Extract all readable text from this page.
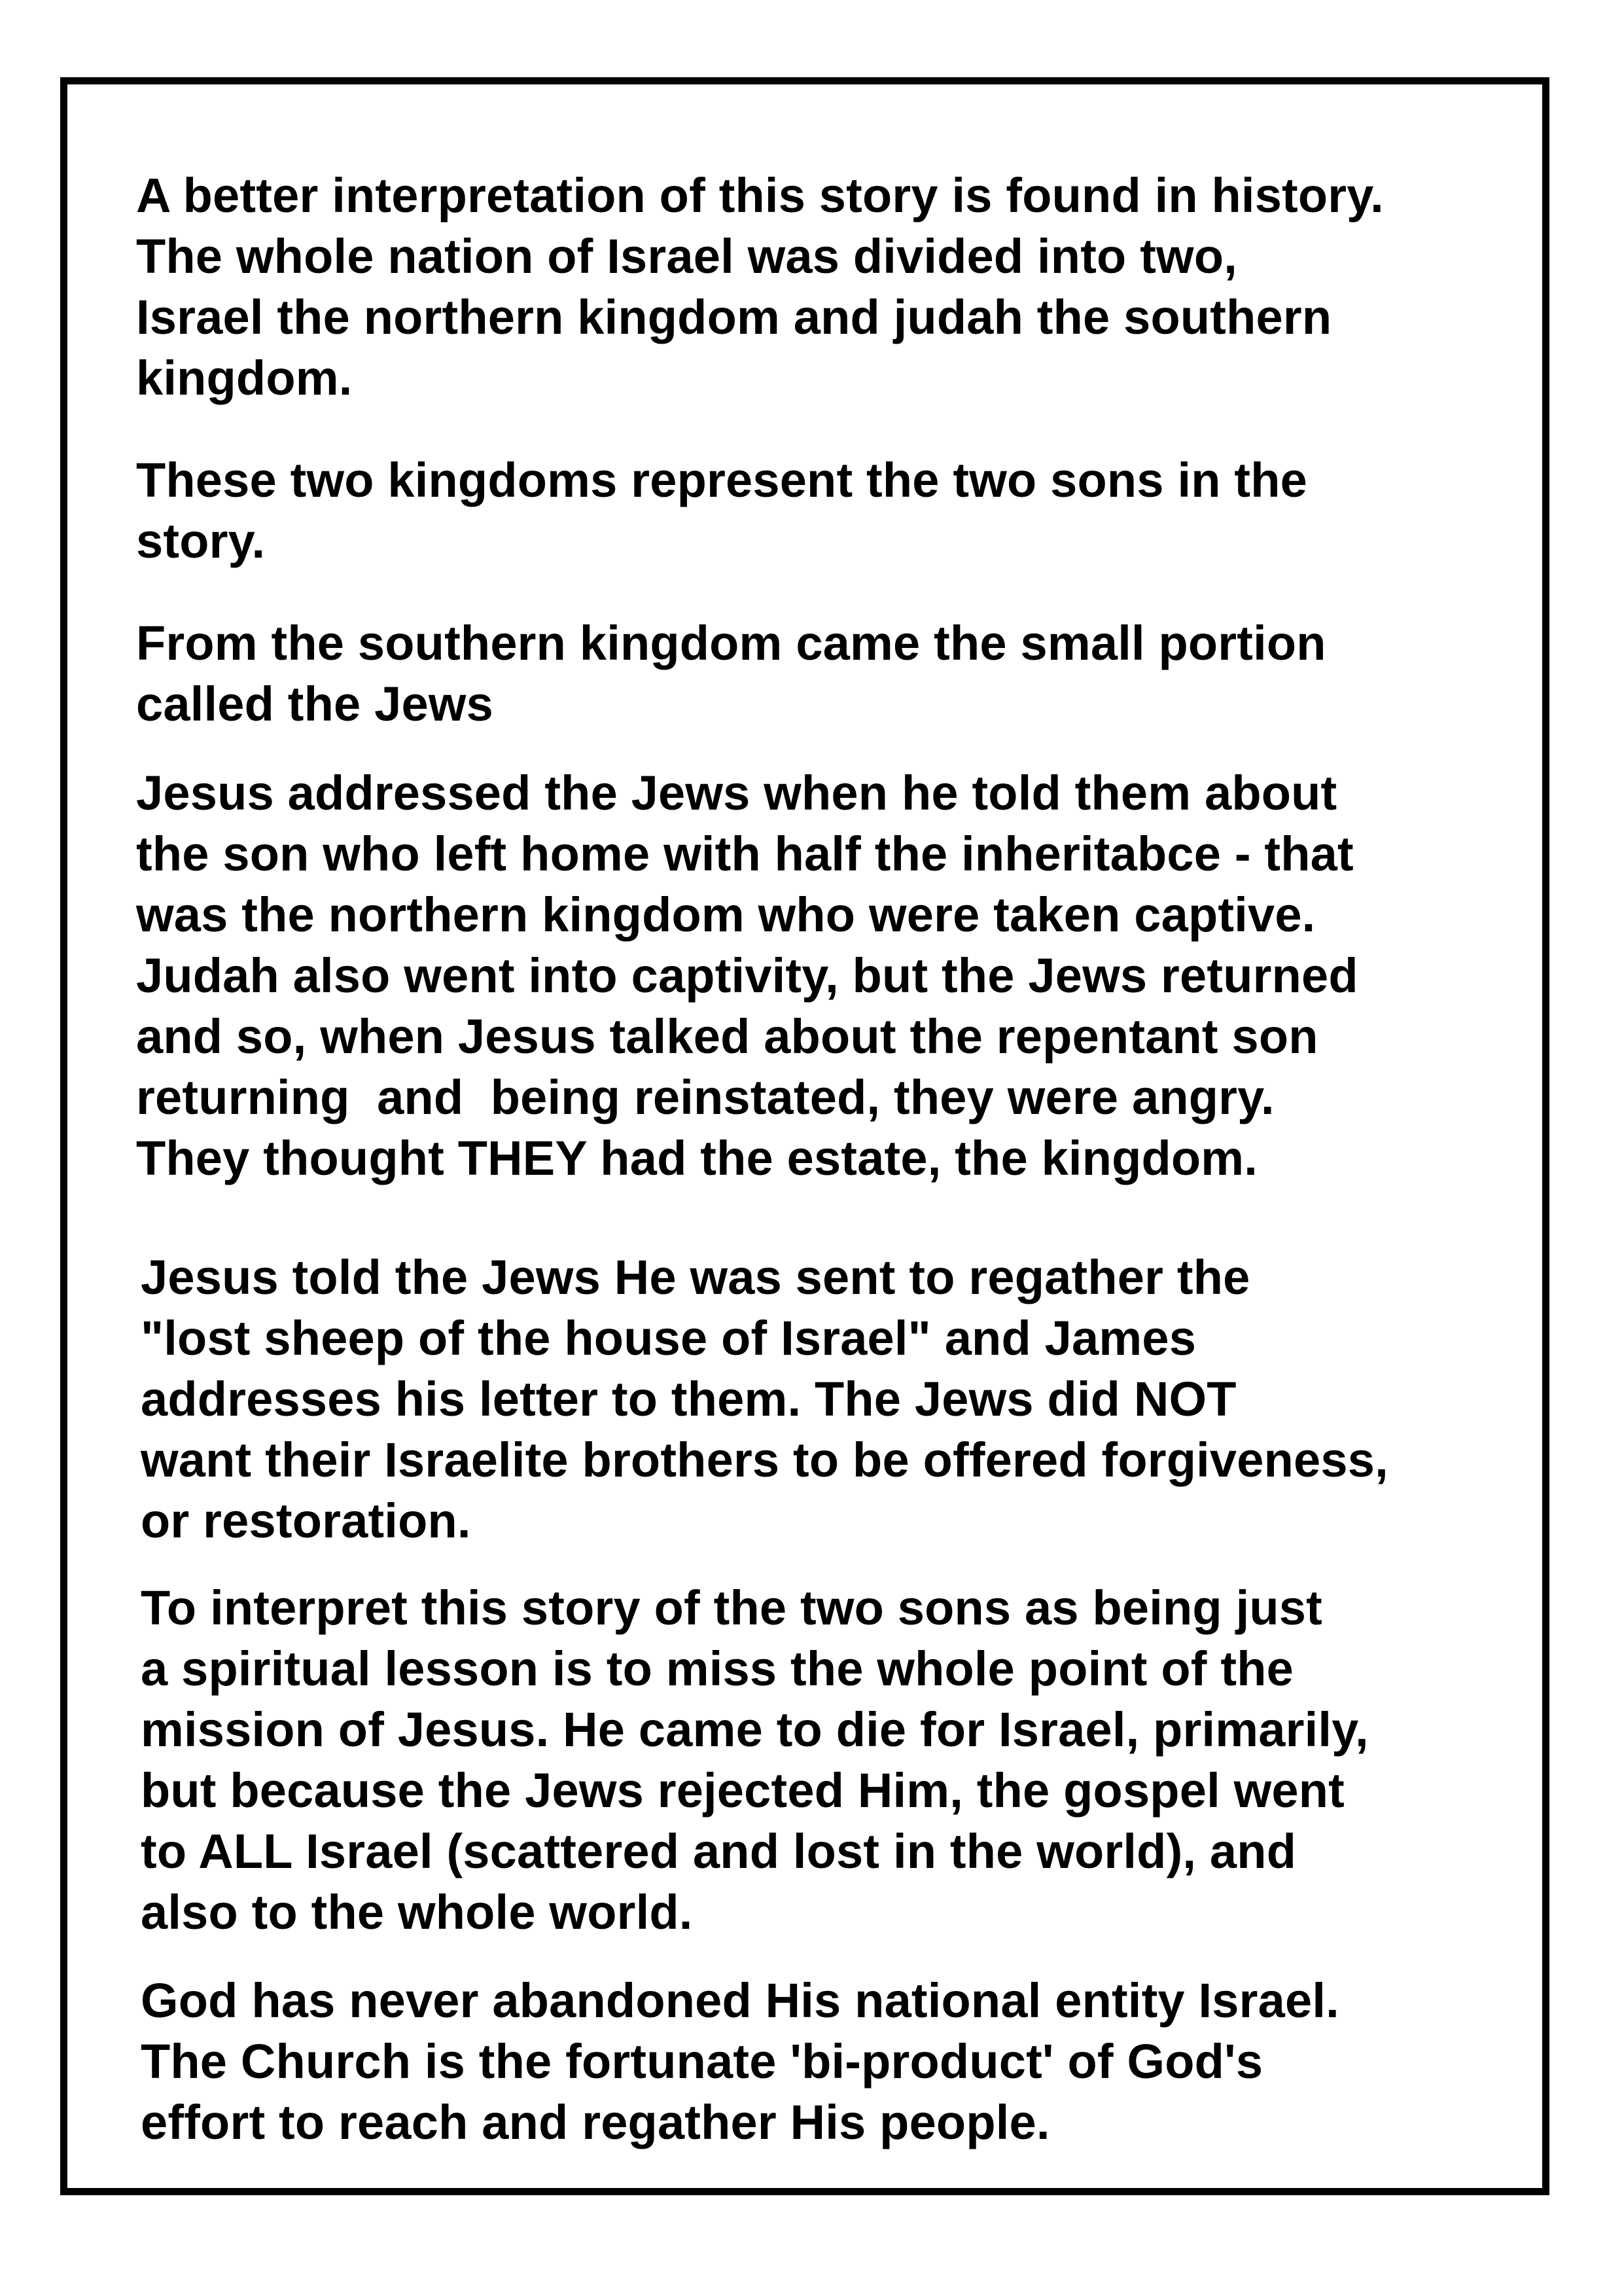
A better interpretation of this story is found in history.
The whole nation of Israel was divided into two,
Israel the northern kingdom and judah the southern
kingdom.

These two kingdoms represent the two sons in the
story.

From the southern kingdom came the small portion
called the Jews

Jesus addressed the Jews when he told them about
the son who left home with half the inheritabce - that
was the northern kingdom who were taken captive.
Judah also went into captivity, but the Jews returned
and so, when Jesus talked about the repentant son
returning  and  being reinstated, they were angry.
They thought THEY had the estate, the kingdom.

Jesus told the Jews He was sent to regather the
"lost sheep of the house of Israel" and James
addresses his letter to them. The Jews did NOT
want their Israelite brothers to be offered forgiveness,
or restoration.

To interpret this story of the two sons as being just
a spiritual lesson is to miss the whole point of the
mission of Jesus. He came to die for Israel, primarily,
but because the Jews rejected Him, the gospel went
to ALL Israel (scattered and lost in the world), and
also to the whole world.

God has never abandoned His national entity Israel.
The Church is the fortunate 'bi-product' of God's
effort to reach and regather His people.
